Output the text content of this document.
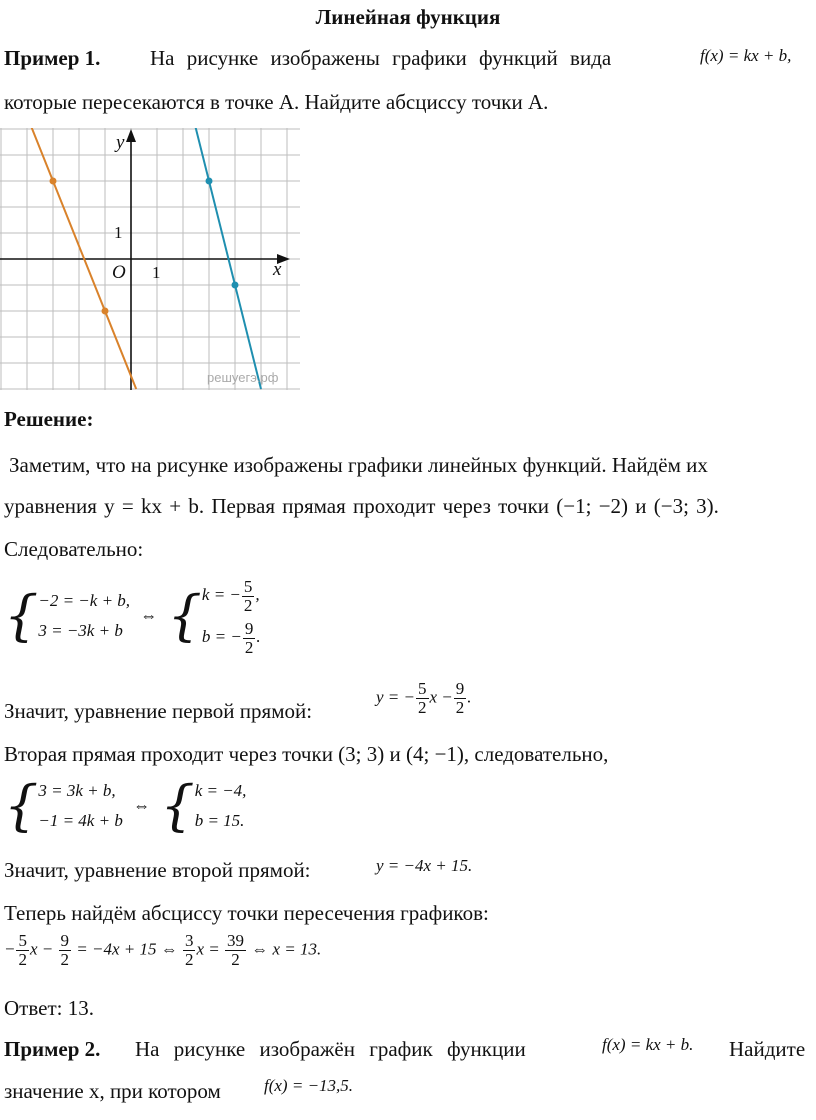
Линейная функция
Пример 1. На рисунке изображены графики функций вида	f(x) = kx + b,
которые пересекаются в точке А. Найдите абсциссу точки А.
y
x
O 1
1
решуегэ.рф
Решение:
Заметим, что на рисунке изображены графики линейных функций. Найдём их
уравнения y = kx + b. Первая прямая проходит через точки (−1; −2) и (−3; 3).
Следовательно:
{ −2 = −k + b,
3 = −3k + b
⇔ { k = − $\frac{5}{2}$ ,
b = − $\frac{9}{2}$ .
Значит, уравнение первой прямой:
y = − $\frac{5}{2}$ $x - \frac{9}{2}$ .
Вторая прямая проходит через точки (3; 3) и (4; −1), следовательно,
{ 3 = 3k + b,
−1 = 4k + b
⇔ { k = −4,
b = 15.
Значит, уравнение второй прямой:	y = −4x + 15.
Теперь найдём абсциссу точки пересечения графиков:
− $\frac{5}{2}$ $x - \frac{9}{2} = -4x + 15$ ⇔ $\frac{3}{2}$ $x = \frac{39}{2}$ ⇔ x = 13.
Ответ: 13.
Пример 2. На рисунке изображён график функции	f(x) = kx + b. Найдите
значение х, при котором	f(x) = −13,5.
